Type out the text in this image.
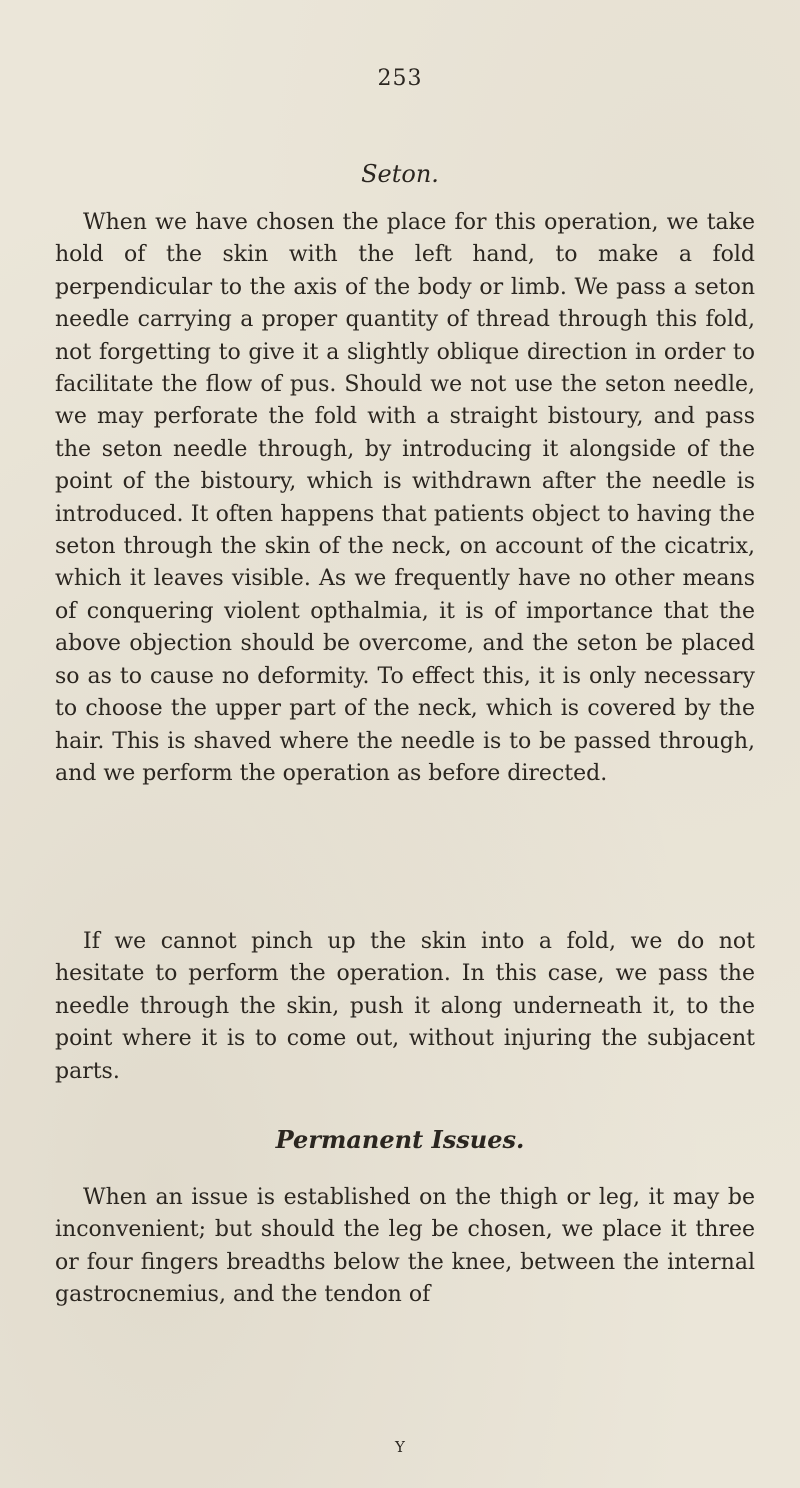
253
Seton.

When we have chosen the place for this operation, we take hold of the skin with the left hand, to make a fold perpendicular to the axis of the body or limb. We pass a seton needle carrying a proper quantity of thread through this fold, not forgetting to give it a slightly oblique direction in order to facilitate the flow of pus. Should we not use the seton needle, we may perforate the fold with a straight bistoury, and pass the seton needle through, by introducing it alongside of the point of the bistoury, which is withdrawn after the needle is introduced. It often happens that patients object to having the seton through the skin of the neck, on account of the cicatrix, which it leaves visible. As we frequently have no other means of conquering violent opthalmia, it is of importance that the above objection should be overcome, and the seton be placed so as to cause no deformity. To effect this, it is only necessary to choose the upper part of the neck, which is covered by the hair. This is shaved where the needle is to be passed through, and we perform the operation as before directed.

If we cannot pinch up the skin into a fold, we do not hesitate to perform the operation. In this case, we pass the needle through the skin, push it along underneath it, to the point where it is to come out, without injuring the subjacent parts.

Permanent Issues.

When an issue is established on the thigh or leg, it may be inconvenient; but should the leg be chosen, we place it three or four fingers breadths below the knee, between the internal gastrocnemius, and the tendon of

Y
